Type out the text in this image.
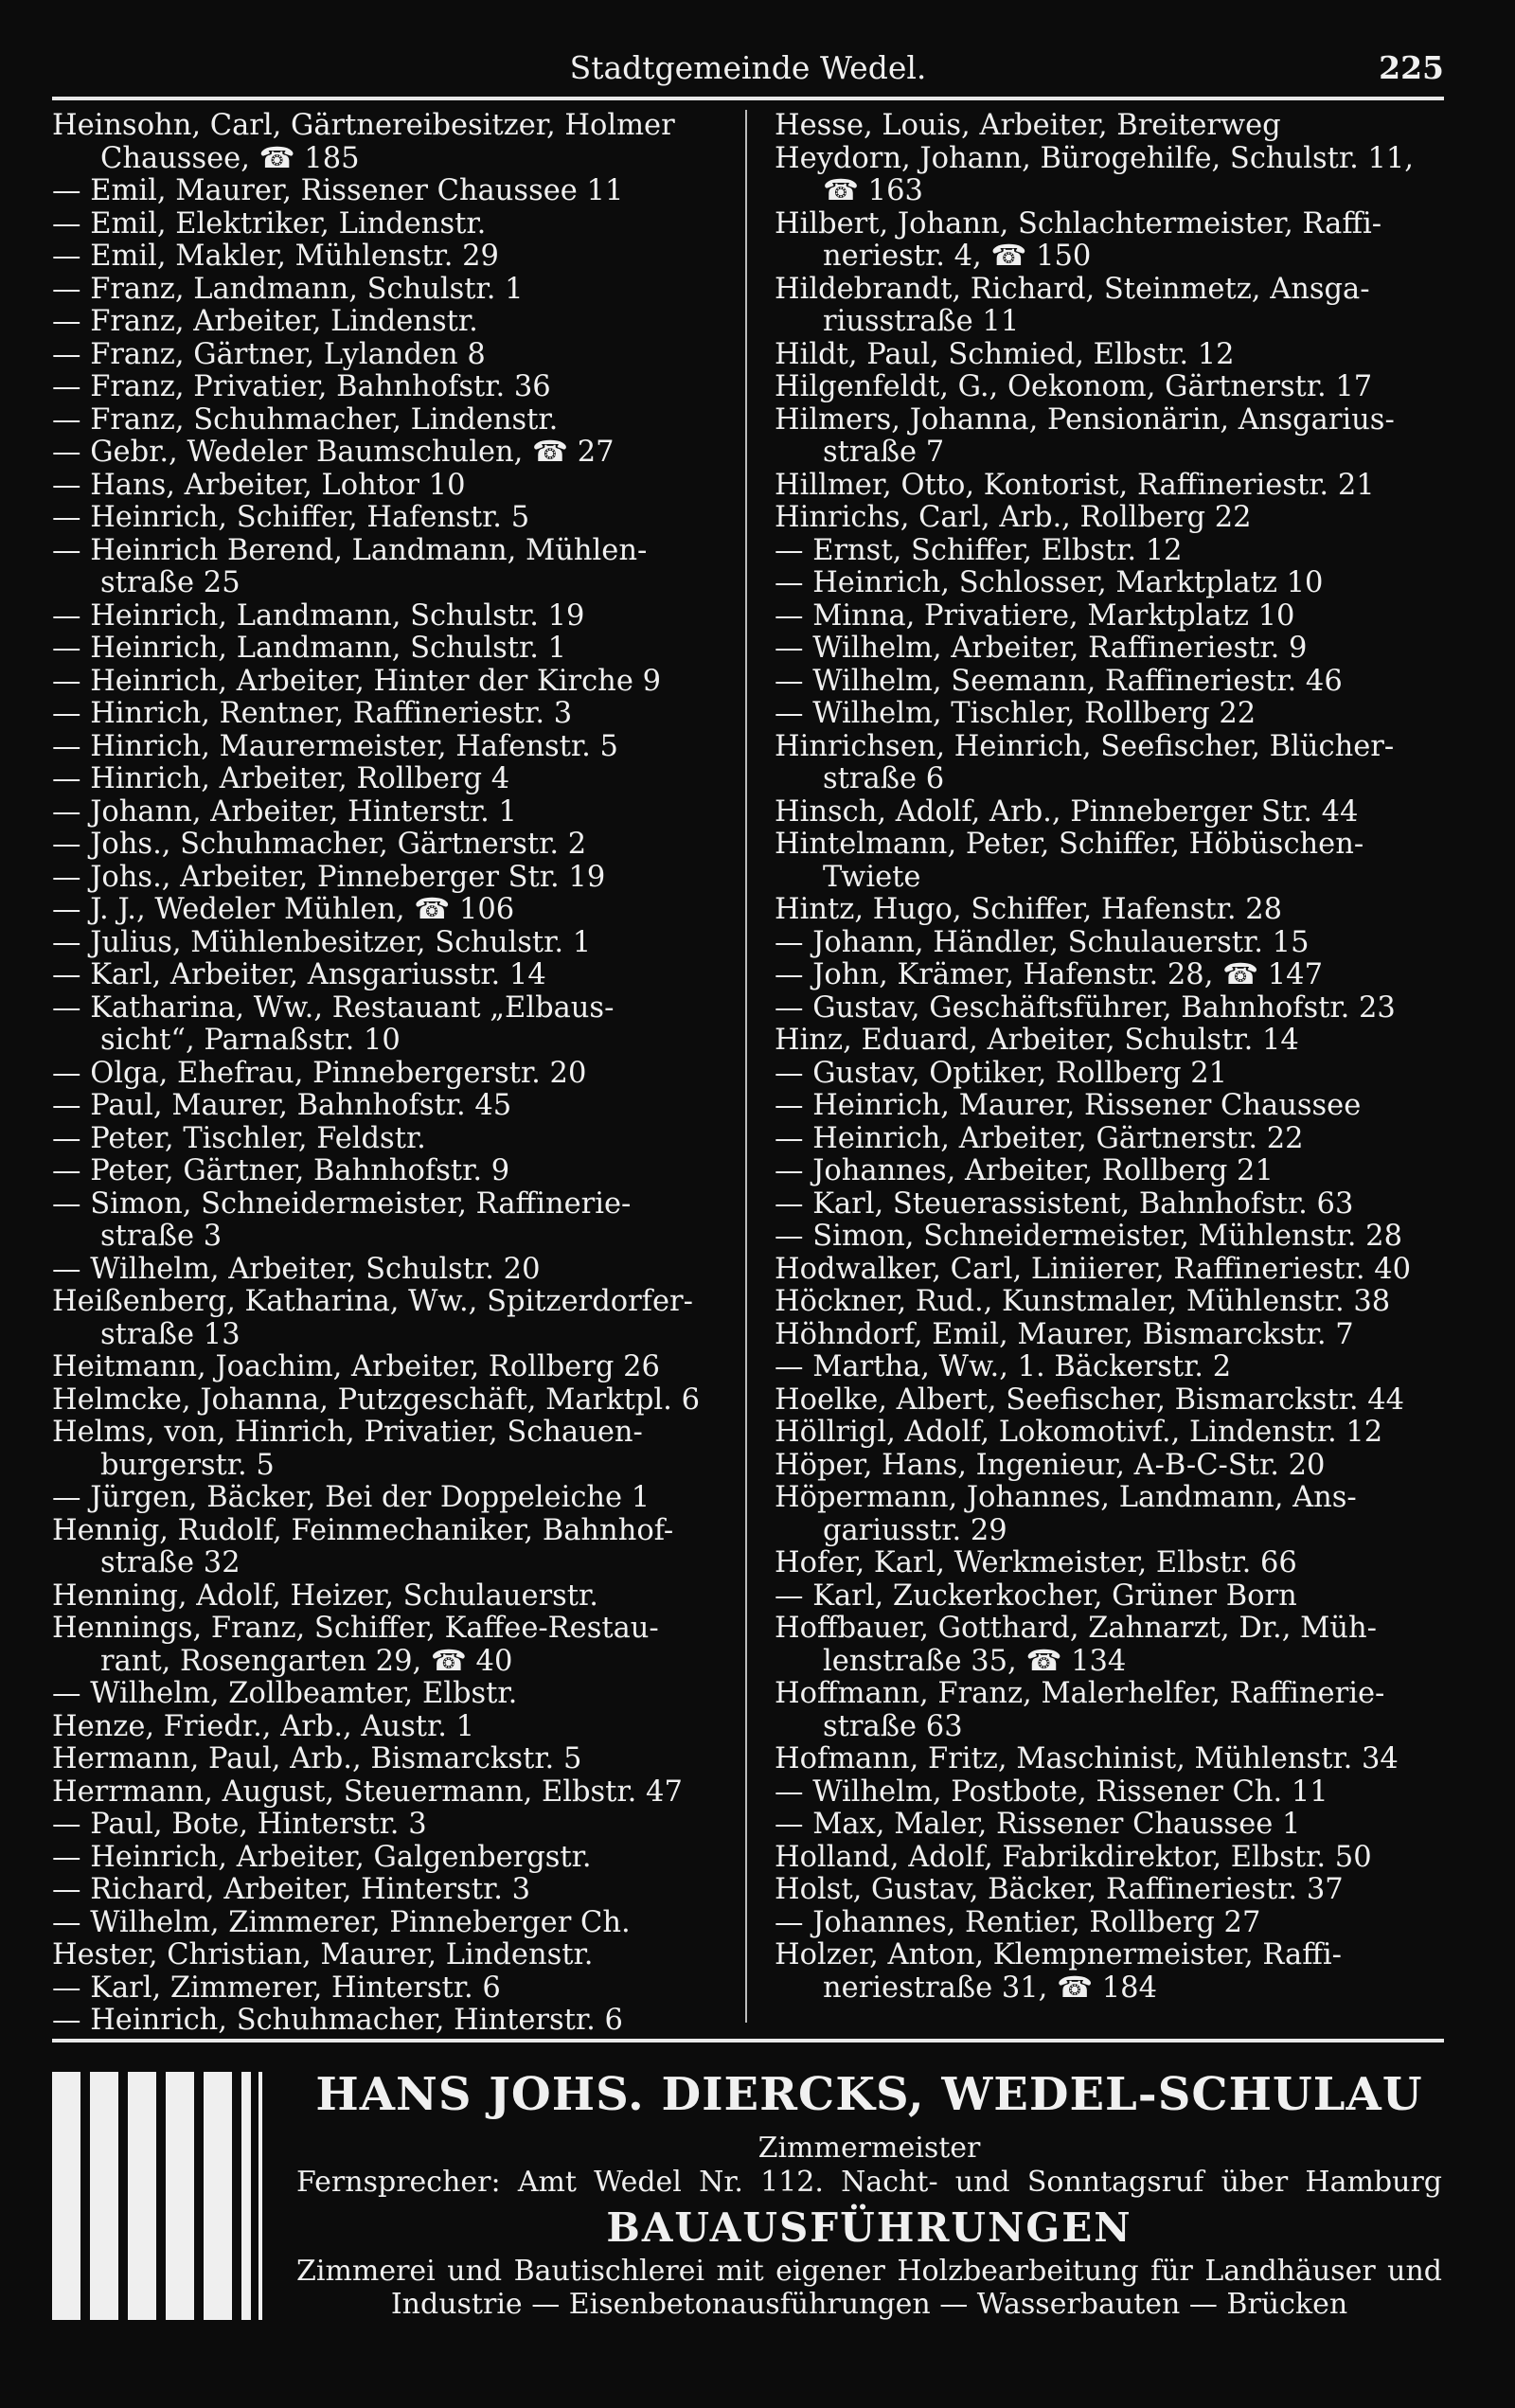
Stadtgemeinde Wedel.	225
Heinsohn, Carl, Gärtnereibesitzer, Holmer
Chaussee, ☎ 185
— Emil, Maurer, Rissener Chaussee 11
— Emil, Elektriker, Lindenstr.
— Emil, Makler, Mühlenstr. 29
— Franz, Landmann, Schulstr. 1
— Franz, Arbeiter, Lindenstr.
— Franz, Gärtner, Lylanden 8
— Franz, Privatier, Bahnhofstr. 36
— Franz, Schuhmacher, Lindenstr.
— Gebr., Wedeler Baumschulen, ☎ 27
— Hans, Arbeiter, Lohtor 10
— Heinrich, Schiffer, Hafenstr. 5
— Heinrich Berend, Landmann, Mühlen-
straße 25
— Heinrich, Landmann, Schulstr. 19
— Heinrich, Landmann, Schulstr. 1
— Heinrich, Arbeiter, Hinter der Kirche 9
— Hinrich, Rentner, Raffineriestr. 3
— Hinrich, Maurermeister, Hafenstr. 5
— Hinrich, Arbeiter, Rollberg 4
— Johann, Arbeiter, Hinterstr. 1
— Johs., Schuhmacher, Gärtnerstr. 2
— Johs., Arbeiter, Pinneberger Str. 19
— J. J., Wedeler Mühlen, ☎ 106
— Julius, Mühlenbesitzer, Schulstr. 1
— Karl, Arbeiter, Ansgariusstr. 14
— Katharina, Ww., Restauant „Elbaus-
sicht“, Parnaßstr. 10
— Olga, Ehefrau, Pinnebergerstr. 20
— Paul, Maurer, Bahnhofstr. 45
— Peter, Tischler, Feldstr.
— Peter, Gärtner, Bahnhofstr. 9
— Simon, Schneidermeister, Raffinerie-
straße 3
— Wilhelm, Arbeiter, Schulstr. 20
Heißenberg, Katharina, Ww., Spitzerdorfer-
straße 13
Heitmann, Joachim, Arbeiter, Rollberg 26
Helmcke, Johanna, Putzgeschäft, Marktpl. 6
Helms, von, Hinrich, Privatier, Schauen-
burgerstr. 5
— Jürgen, Bäcker, Bei der Doppeleiche 1
Hennig, Rudolf, Feinmechaniker, Bahnhof-
straße 32
Henning, Adolf, Heizer, Schulauerstr.
Hennings, Franz, Schiffer, Kaffee-Restau-
rant, Rosengarten 29, ☎ 40
— Wilhelm, Zollbeamter, Elbstr.
Henze, Friedr., Arb., Austr. 1
Hermann, Paul, Arb., Bismarckstr. 5
Herrmann, August, Steuermann, Elbstr. 47
— Paul, Bote, Hinterstr. 3
— Heinrich, Arbeiter, Galgenbergstr.
— Richard, Arbeiter, Hinterstr. 3
— Wilhelm, Zimmerer, Pinneberger Ch.
Hester, Christian, Maurer, Lindenstr.
— Karl, Zimmerer, Hinterstr. 6
— Heinrich, Schuhmacher, Hinterstr. 6
Hesse, Louis, Arbeiter, Breiterweg
Heydorn, Johann, Bürogehilfe, Schulstr. 11,
☎ 163
Hilbert, Johann, Schlachtermeister, Raffi-
neriestr. 4, ☎ 150
Hildebrandt, Richard, Steinmetz, Ansga-
riusstraße 11
Hildt, Paul, Schmied, Elbstr. 12
Hilgenfeldt, G., Oekonom, Gärtnerstr. 17
Hilmers, Johanna, Pensionärin, Ansgarius-
straße 7
Hillmer, Otto, Kontorist, Raffineriestr. 21
Hinrichs, Carl, Arb., Rollberg 22
— Ernst, Schiffer, Elbstr. 12
— Heinrich, Schlosser, Marktplatz 10
— Minna, Privatiere, Marktplatz 10
— Wilhelm, Arbeiter, Raffineriestr. 9
— Wilhelm, Seemann, Raffineriestr. 46
— Wilhelm, Tischler, Rollberg 22
Hinrichsen, Heinrich, Seefischer, Blücher-
straße 6
Hinsch, Adolf, Arb., Pinneberger Str. 44
Hintelmann, Peter, Schiffer, Höbüschen-
Twiete
Hintz, Hugo, Schiffer, Hafenstr. 28
— Johann, Händler, Schulauerstr. 15
— John, Krämer, Hafenstr. 28, ☎ 147
— Gustav, Geschäftsführer, Bahnhofstr. 23
Hinz, Eduard, Arbeiter, Schulstr. 14
— Gustav, Optiker, Rollberg 21
— Heinrich, Maurer, Rissener Chaussee
— Heinrich, Arbeiter, Gärtnerstr. 22
— Johannes, Arbeiter, Rollberg 21
— Karl, Steuerassistent, Bahnhofstr. 63
— Simon, Schneidermeister, Mühlenstr. 28
Hodwalker, Carl, Liniierer, Raffineriestr. 40
Höckner, Rud., Kunstmaler, Mühlenstr. 38
Höhndorf, Emil, Maurer, Bismarckstr. 7
— Martha, Ww., 1. Bäckerstr. 2
Hoelke, Albert, Seefischer, Bismarckstr. 44
Höllrigl, Adolf, Lokomotivf., Lindenstr. 12
Höper, Hans, Ingenieur, A-B-C-Str. 20
Höpermann, Johannes, Landmann, Ans-
gariusstr. 29
Hofer, Karl, Werkmeister, Elbstr. 66
— Karl, Zuckerkocher, Grüner Born
Hoffbauer, Gotthard, Zahnarzt, Dr., Müh-
lenstraße 35, ☎ 134
Hoffmann, Franz, Malerhelfer, Raffinerie-
straße 63
Hofmann, Fritz, Maschinist, Mühlenstr. 34
— Wilhelm, Postbote, Rissener Ch. 11
— Max, Maler, Rissener Chaussee 1
Holland, Adolf, Fabrikdirektor, Elbstr. 50
Holst, Gustav, Bäcker, Raffineriestr. 37
— Johannes, Rentier, Rollberg 27
Holzer, Anton, Klempnermeister, Raffi-
neriestraße 31, ☎ 184
HANS JOHS. DIERCKS, WEDEL-SCHULAU
Zimmermeister
Fernsprecher: Amt Wedel Nr. 112. Nacht- und Sonntagsruf über Hamburg
BAUAUSFÜHRUNGEN
Zimmerei und Bautischlerei mit eigener Holzbearbeitung für Landhäuser und
Industrie — Eisenbetonausführungen — Wasserbauten — Brücken
